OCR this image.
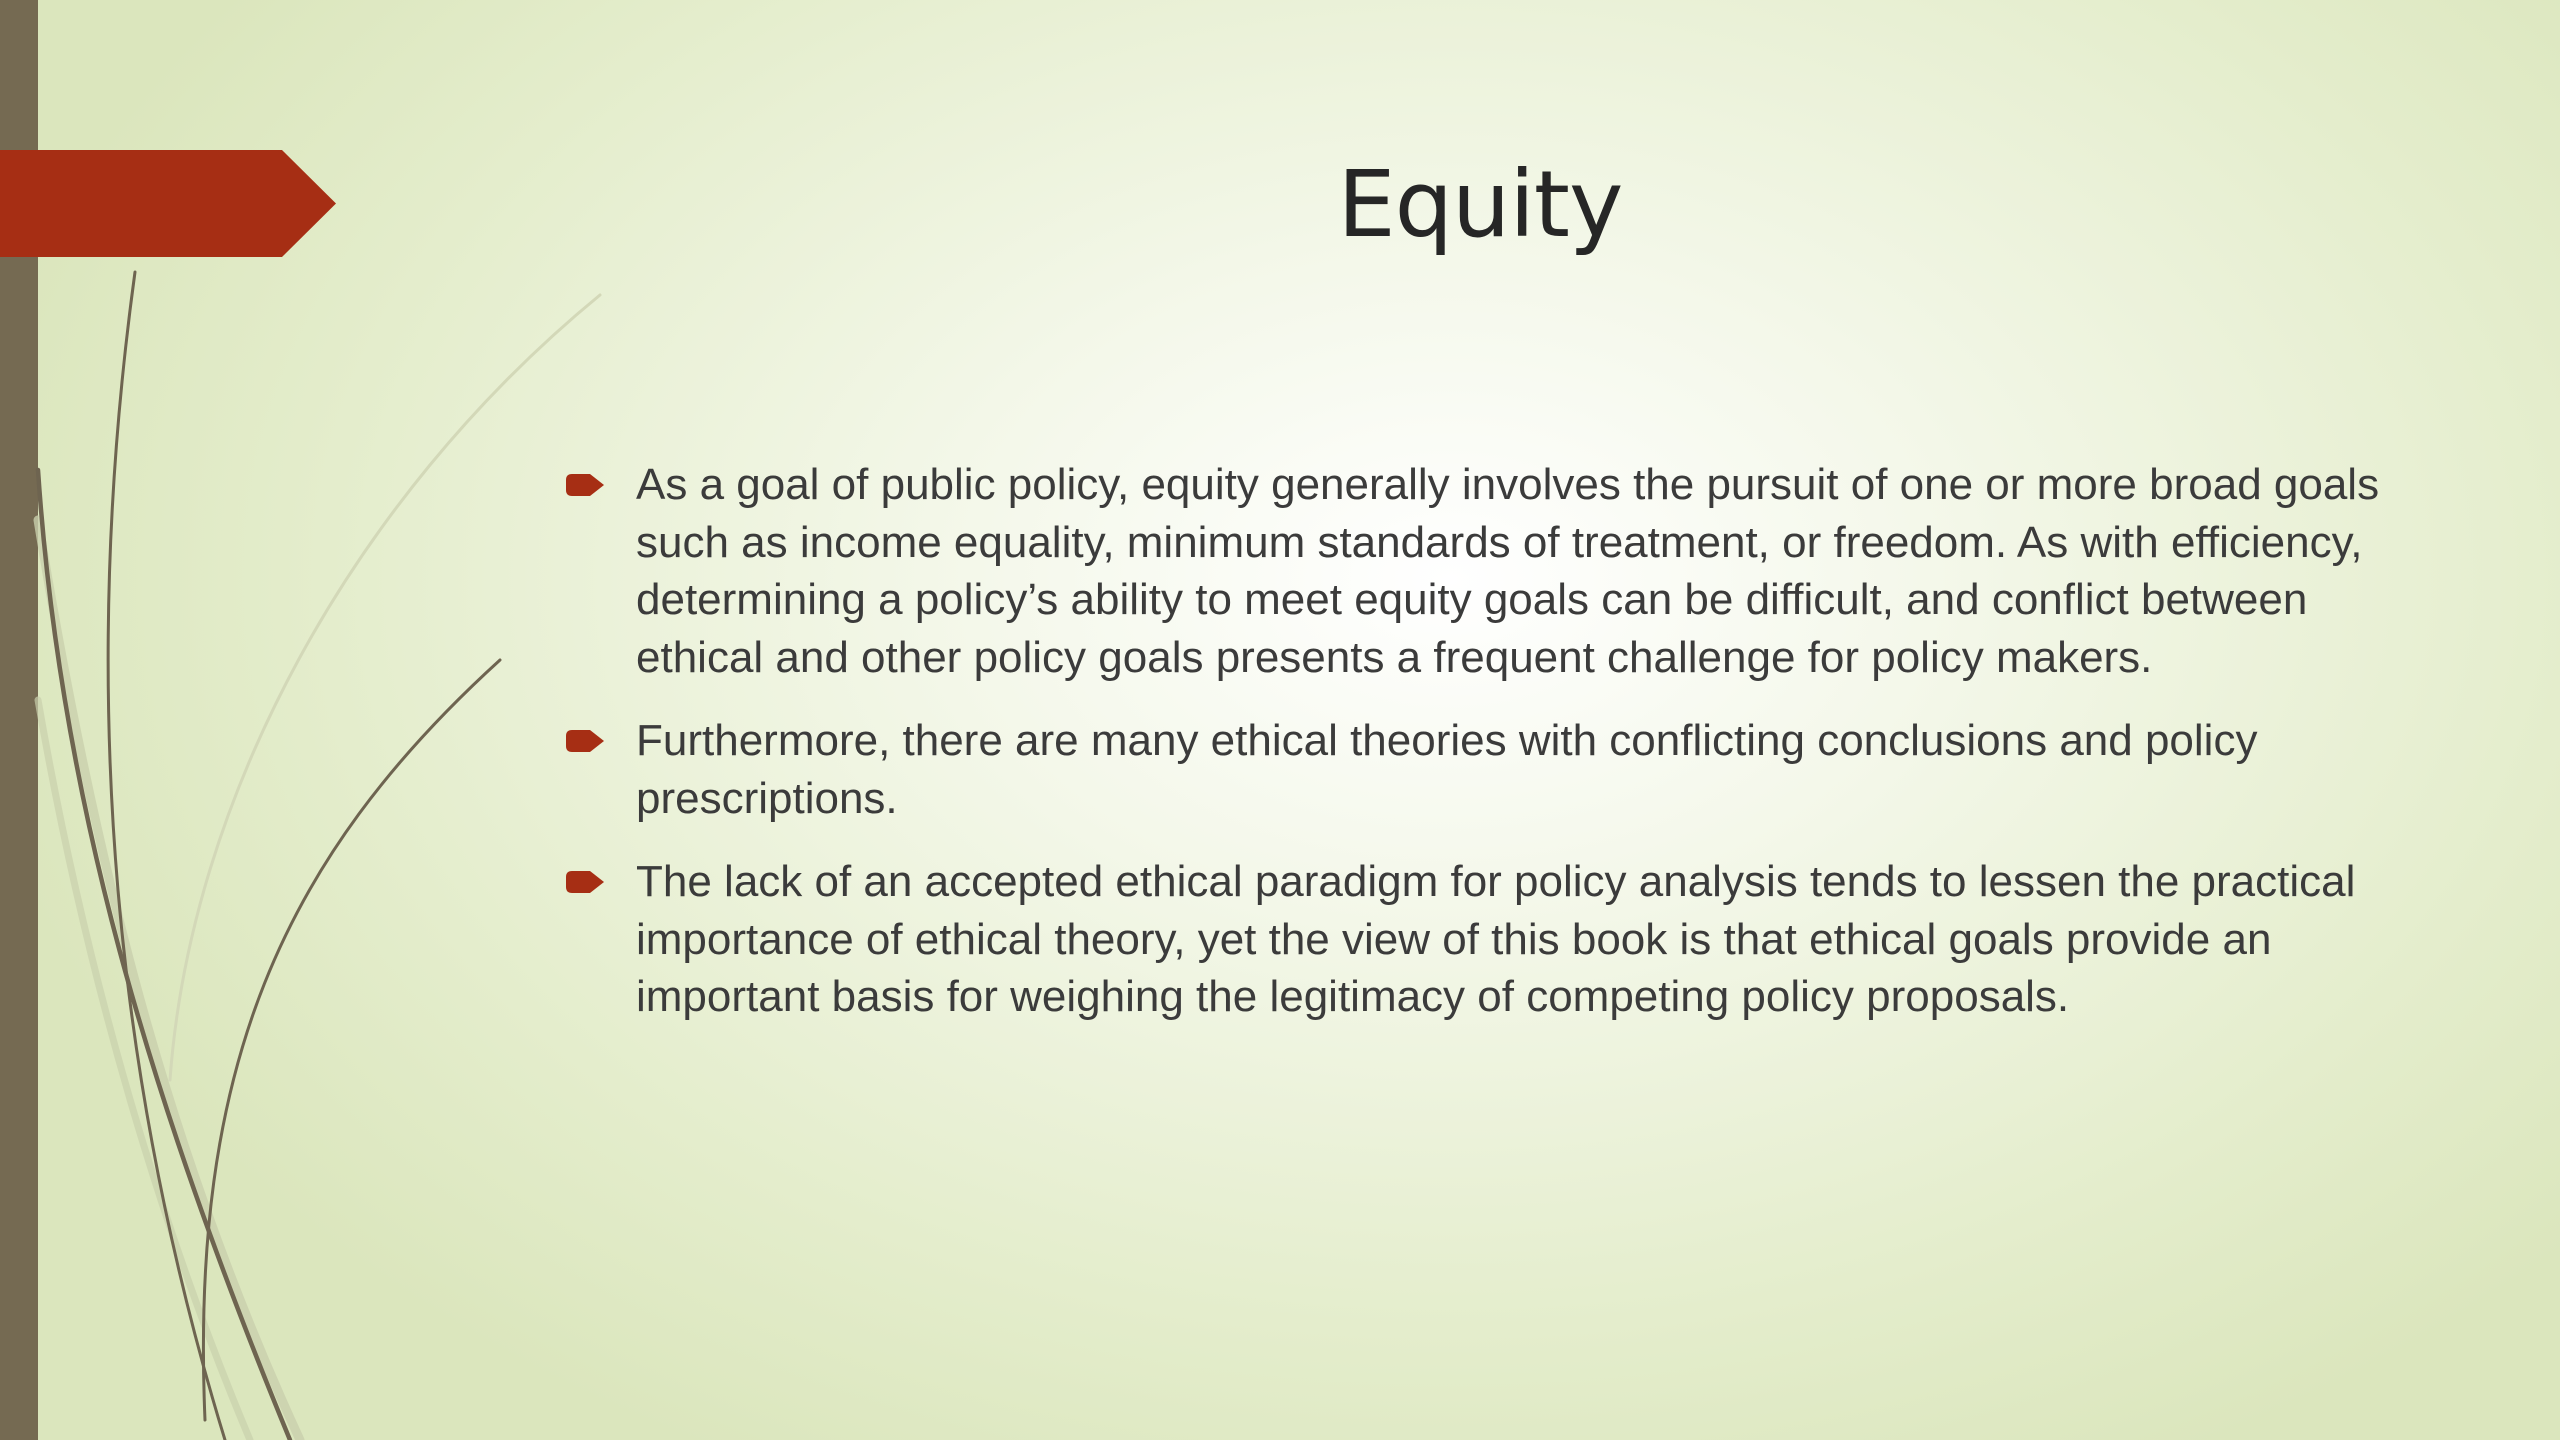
Equity

As a goal of public policy, equity generally involves the pursuit of one or more broad goals such as income equality, minimum standards of treatment, or freedom. As with efficiency, determining a policy’s ability to meet equity goals can be difficult, and conflict between ethical and other policy goals presents a frequent challenge for policy makers.

Furthermore, there are many ethical theories with conflicting conclusions and policy prescriptions.

The lack of an accepted ethical paradigm for policy analysis tends to lessen the practical importance of ethical theory, yet the view of this book is that ethical goals provide an important basis for weighing the legitimacy of competing policy proposals.
